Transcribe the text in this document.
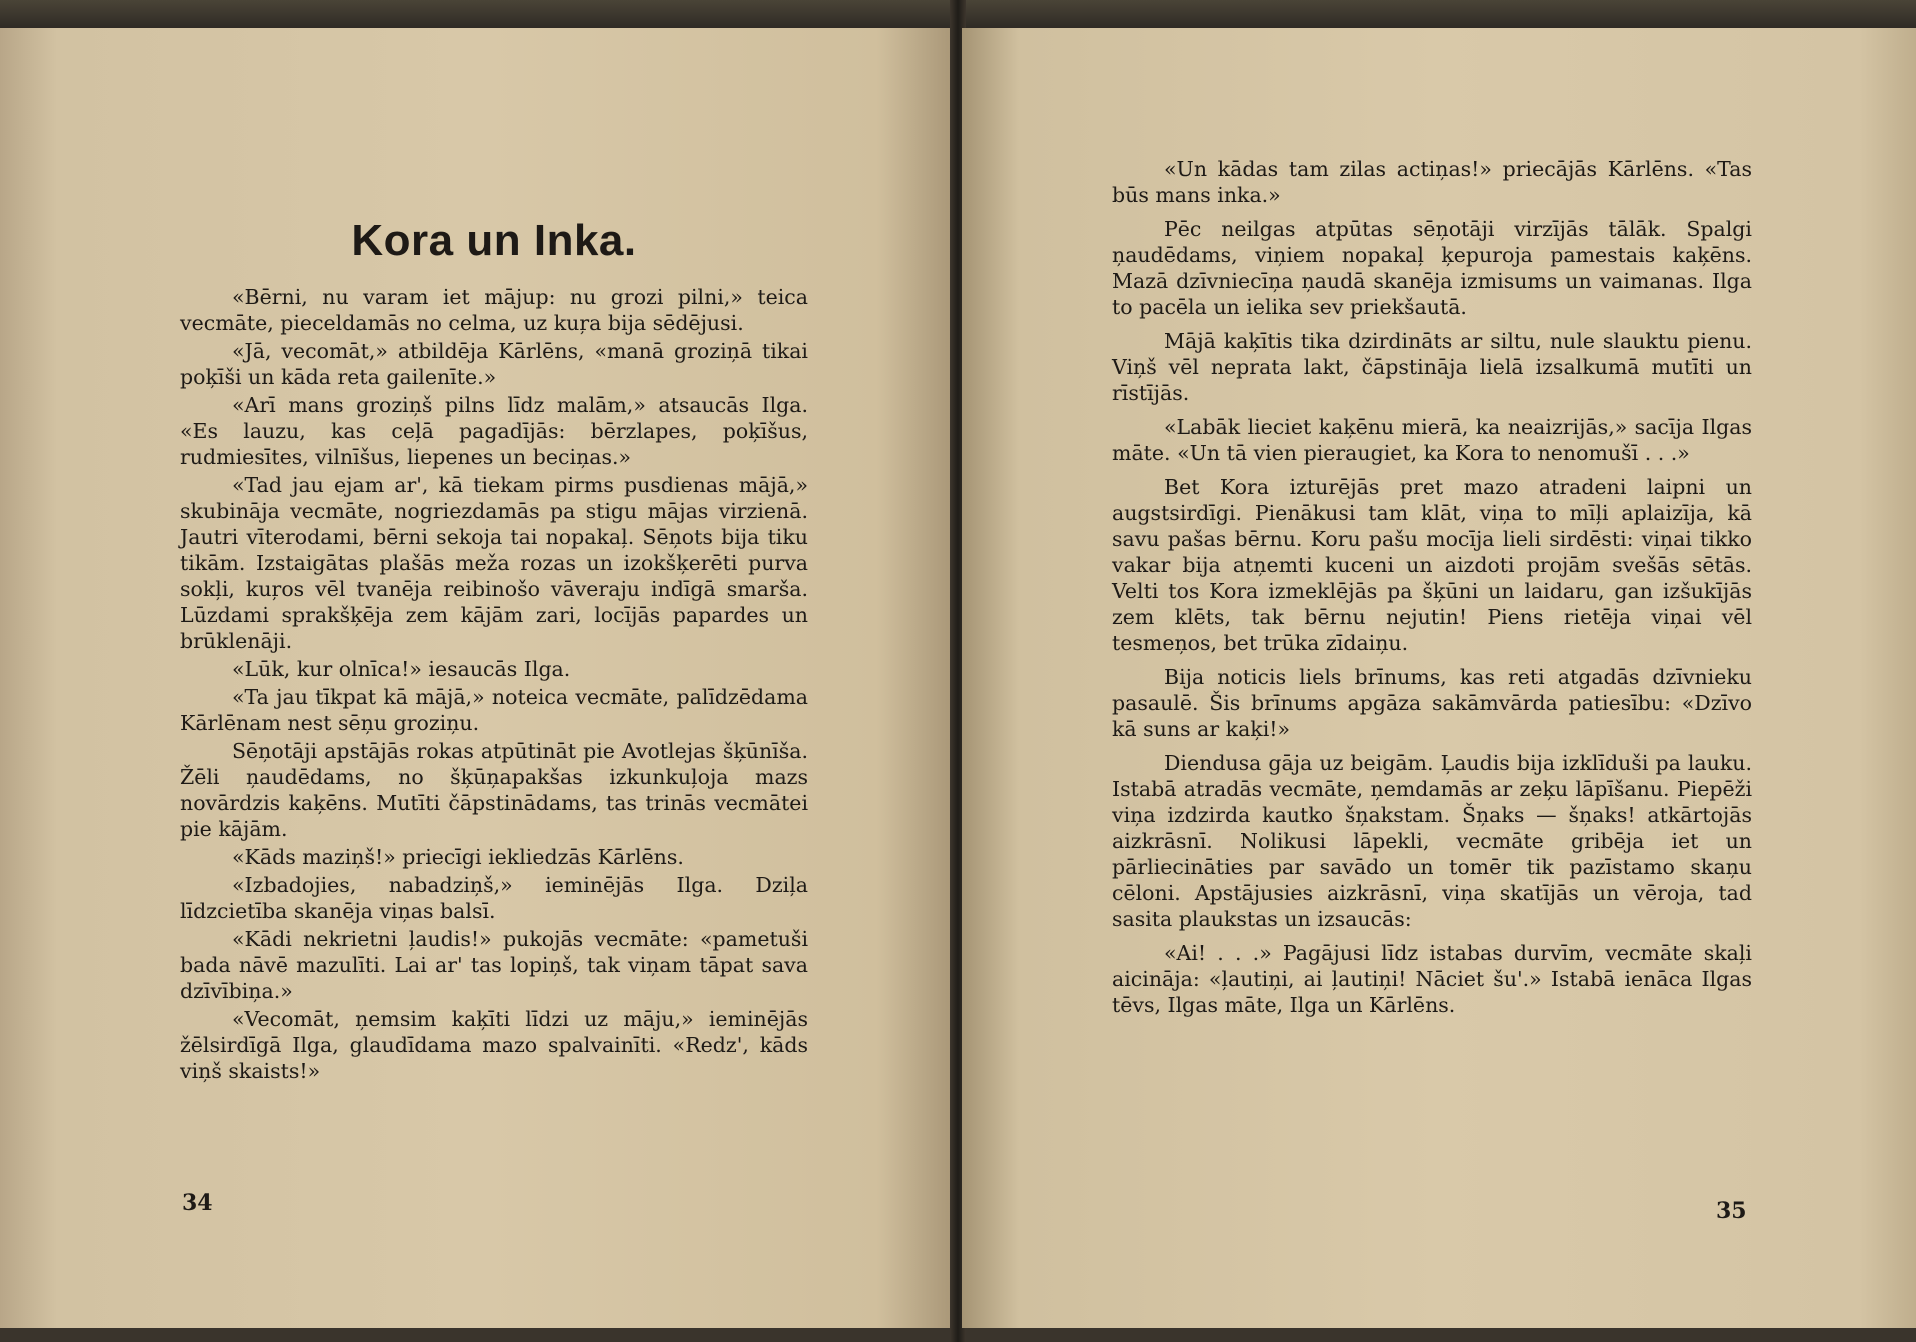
Kora un Inka.

«Bērni, nu varam iet mājup: nu grozi pilni,» teica vecmāte, pieceldamās no celma, uz kuŗa bija sēdējusi.

«Jā, vecomāt,» atbildēja Kārlēns, «manā groziņā tikai poķīši un kāda reta gailenīte.»

«Arī mans groziņš pilns līdz malām,» atsaucās Ilga. «Es lauzu, kas ceļā pagadījās: bērzlapes, poķīšus, rudmiesītes, vilnīšus, liepenes un beciņas.»

«Tad jau ejam ar', kā tiekam pirms pusdienas mājā,» skubināja vecmāte, nogriezdamās pa stigu mājas virzienā. Jautri vīterodami, bērni sekoja tai nopakaļ. Sēņots bija tiku tikām. Izstaigātas plašās meža rozas un izokšķerēti purva sokļi, kuŗos vēl tvanēja reibinošo vāveraju indīgā smarša. Lūzdami sprakšķēja zem kājām zari, locījās papardes un brūklenāji.

«Lūk, kur olnīca!» iesaucās Ilga.

«Ta jau tīkpat kā mājā,» noteica vecmāte, palīdzēdama Kārlēnam nest sēņu groziņu.

Sēņotāji apstājās rokas atpūtināt pie Avotlejas šķūnīša. Žēli ņaudēdams, no šķūņapakšas izkunkuļoja mazs novārdzis kaķēns. Mutīti čāpstinādams, tas trinās vecmātei pie kājām.

«Kāds maziņš!» priecīgi iekliedzās Kārlēns.

«Izbadojies, nabadziņš,» ieminējās Ilga. Dziļa līdzcietība skanēja viņas balsī.

«Kādi nekrietni ļaudis!» pukojās vecmāte: «pametuši bada nāvē mazulīti. Lai ar' tas lopiņš, tak viņam tāpat sava dzīvībiņa.»

«Vecomāt, ņemsim kaķīti līdzi uz māju,» ieminējās žēlsirdīgā Ilga, glaudīdama mazo spalvainīti. «Redz', kāds viņš skaists!»

34

«Un kādas tam zilas actiņas!» priecājās Kārlēns. «Tas būs mans inka.»

Pēc neilgas atpūtas sēņotāji virzījās tālāk. Spalgi ņaudēdams, viņiem nopakaļ ķepuroja pamestais kaķēns. Mazā dzīvniecīņa ņaudā skanēja izmisums un vaimanas. Ilga to pacēla un ielika sev priekšautā.

Mājā kaķītis tika dzirdināts ar siltu, nule slauktu pienu. Viņš vēl neprata lakt, čāpstināja lielā izsalkumā mutīti un rīstījās.

«Labāk lieciet kaķēnu mierā, ka neaizrijās,» sacīja Ilgas māte. «Un tā vien pieraugiet, ka Kora to nenomušī . . .»

Bet Kora izturējās pret mazo atradeni laipni un augstsirdīgi. Pienākusi tam klāt, viņa to mīļi aplaizīja, kā savu pašas bērnu. Koru pašu mocīja lieli sirdēsti: viņai tikko vakar bija atņemti kuceni un aizdoti projām svešās sētās. Velti tos Kora izmeklējās pa šķūni un laidaru, gan izšukījās zem klēts, tak bērnu nejutin! Piens rietēja viņai vēl tesmeņos, bet trūka zīdaiņu.

Bija noticis liels brīnums, kas reti atgadās dzīvnieku pasaulē. Šis brīnums apgāza sakāmvārda patiesību: «Dzīvo kā suns ar kaķi!»

Diendusa gāja uz beigām. Ļaudis bija izklīduši pa lauku. Istabā atradās vecmāte, ņemdamās ar zeķu lāpīšanu. Piepēži viņa izdzirda kautko šņakstam. Šņaks — šņaks! atkārtojās aizkrāsnī. Nolikusi lāpekli, vecmāte gribēja iet un pārliecināties par savādo un tomēr tik pazīstamo skaņu cēloni. Apstājusies aizkrāsnī, viņa skatījās un vēroja, tad sasita plaukstas un izsaucās:

«Ai! . . .» Pagājusi līdz istabas durvīm, vecmāte skaļi aicināja: «ļautiņi, ai ļautiņi! Nāciet šu'.» Istabā ienāca Ilgas tēvs, Ilgas māte, Ilga un Kārlēns.

35
